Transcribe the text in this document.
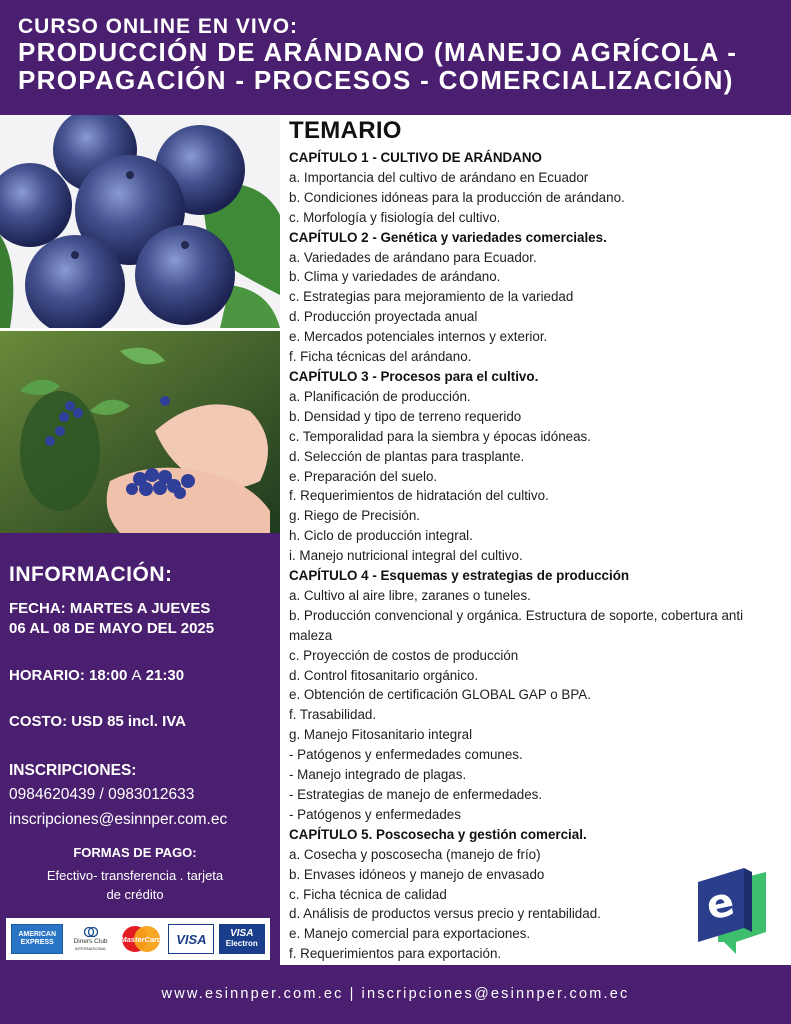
CURSO ONLINE EN VIVO:
PRODUCCIÓN DE ARÁNDANO (MANEJO AGRÍCOLA -
PROPAGACIÓN - PROCESOS - COMERCIALIZACIÓN)
TEMARIO
CAPÍTULO 1 - CULTIVO DE ARÁNDANO
a. Importancia del cultivo de arándano en Ecuador
b. Condiciones idóneas para la producción de arándano.
c. Morfología y fisiología del cultivo.
CAPÍTULO 2 - Genética y variedades comerciales.
a. Variedades de arándano para Ecuador.
b. Clima y variedades de arándano.
c. Estrategias para mejoramiento de la variedad
d. Producción proyectada anual
e. Mercados potenciales internos y exterior.
f. Ficha técnicas del arándano.
CAPÍTULO 3 - Procesos para el cultivo.
a. Planificación de producción.
b. Densidad y tipo de terreno requerido
c. Temporalidad para la siembra y épocas idóneas.
d. Selección de plantas para trasplante.
e. Preparación del suelo.
f. Requerimientos de hidratación del cultivo.
g. Riego de Precisión.
h. Ciclo de producción integral.
i. Manejo nutricional integral del cultivo.
CAPÍTULO 4 - Esquemas y estrategias de producción
a. Cultivo al aire libre, zaranes o tuneles.
b. Producción convencional y orgánica. Estructura de soporte, cobertura anti maleza
c. Proyección de costos de producción
d. Control fitosanitario orgánico.
e. Obtención de certificación GLOBAL GAP o BPA.
f. Trasabilidad.
g. Manejo Fitosanitario integral
- Patógenos y enfermedades comunes.
- Manejo integrado de plagas.
- Estrategias de manejo de enfermedades.
- Patógenos y enfermedades
CAPÍTULO 5. Poscosecha y gestión comercial.
a. Cosecha y poscosecha (manejo de frío)
b. Envases idóneos y manejo de envasado
c. Ficha técnica de calidad
d. Análisis de productos versus precio y rentabilidad.
e. Manejo comercial para exportaciones.
f. Requerimientos para exportación.
INFORMACIÓN:
FECHA: MARTES A JUEVES
06 AL 08 DE MAYO DEL 2025
HORARIO: 18:00 A 21:30
COSTO: USD 85 incl. IVA
INSCRIPCIONES:
0984620439 / 0983012633
inscripciones@esinnper.com.ec
FORMAS DE PAGO:
Efectivo- transferencia . tarjeta
de crédito
AMERICAN EXPRESS	Diners Club
INTERNATIONAL
MasterCard	VISA	VISA
Electron
e
www.esinnper.com.ec | inscripciones@esinnper.com.ec
